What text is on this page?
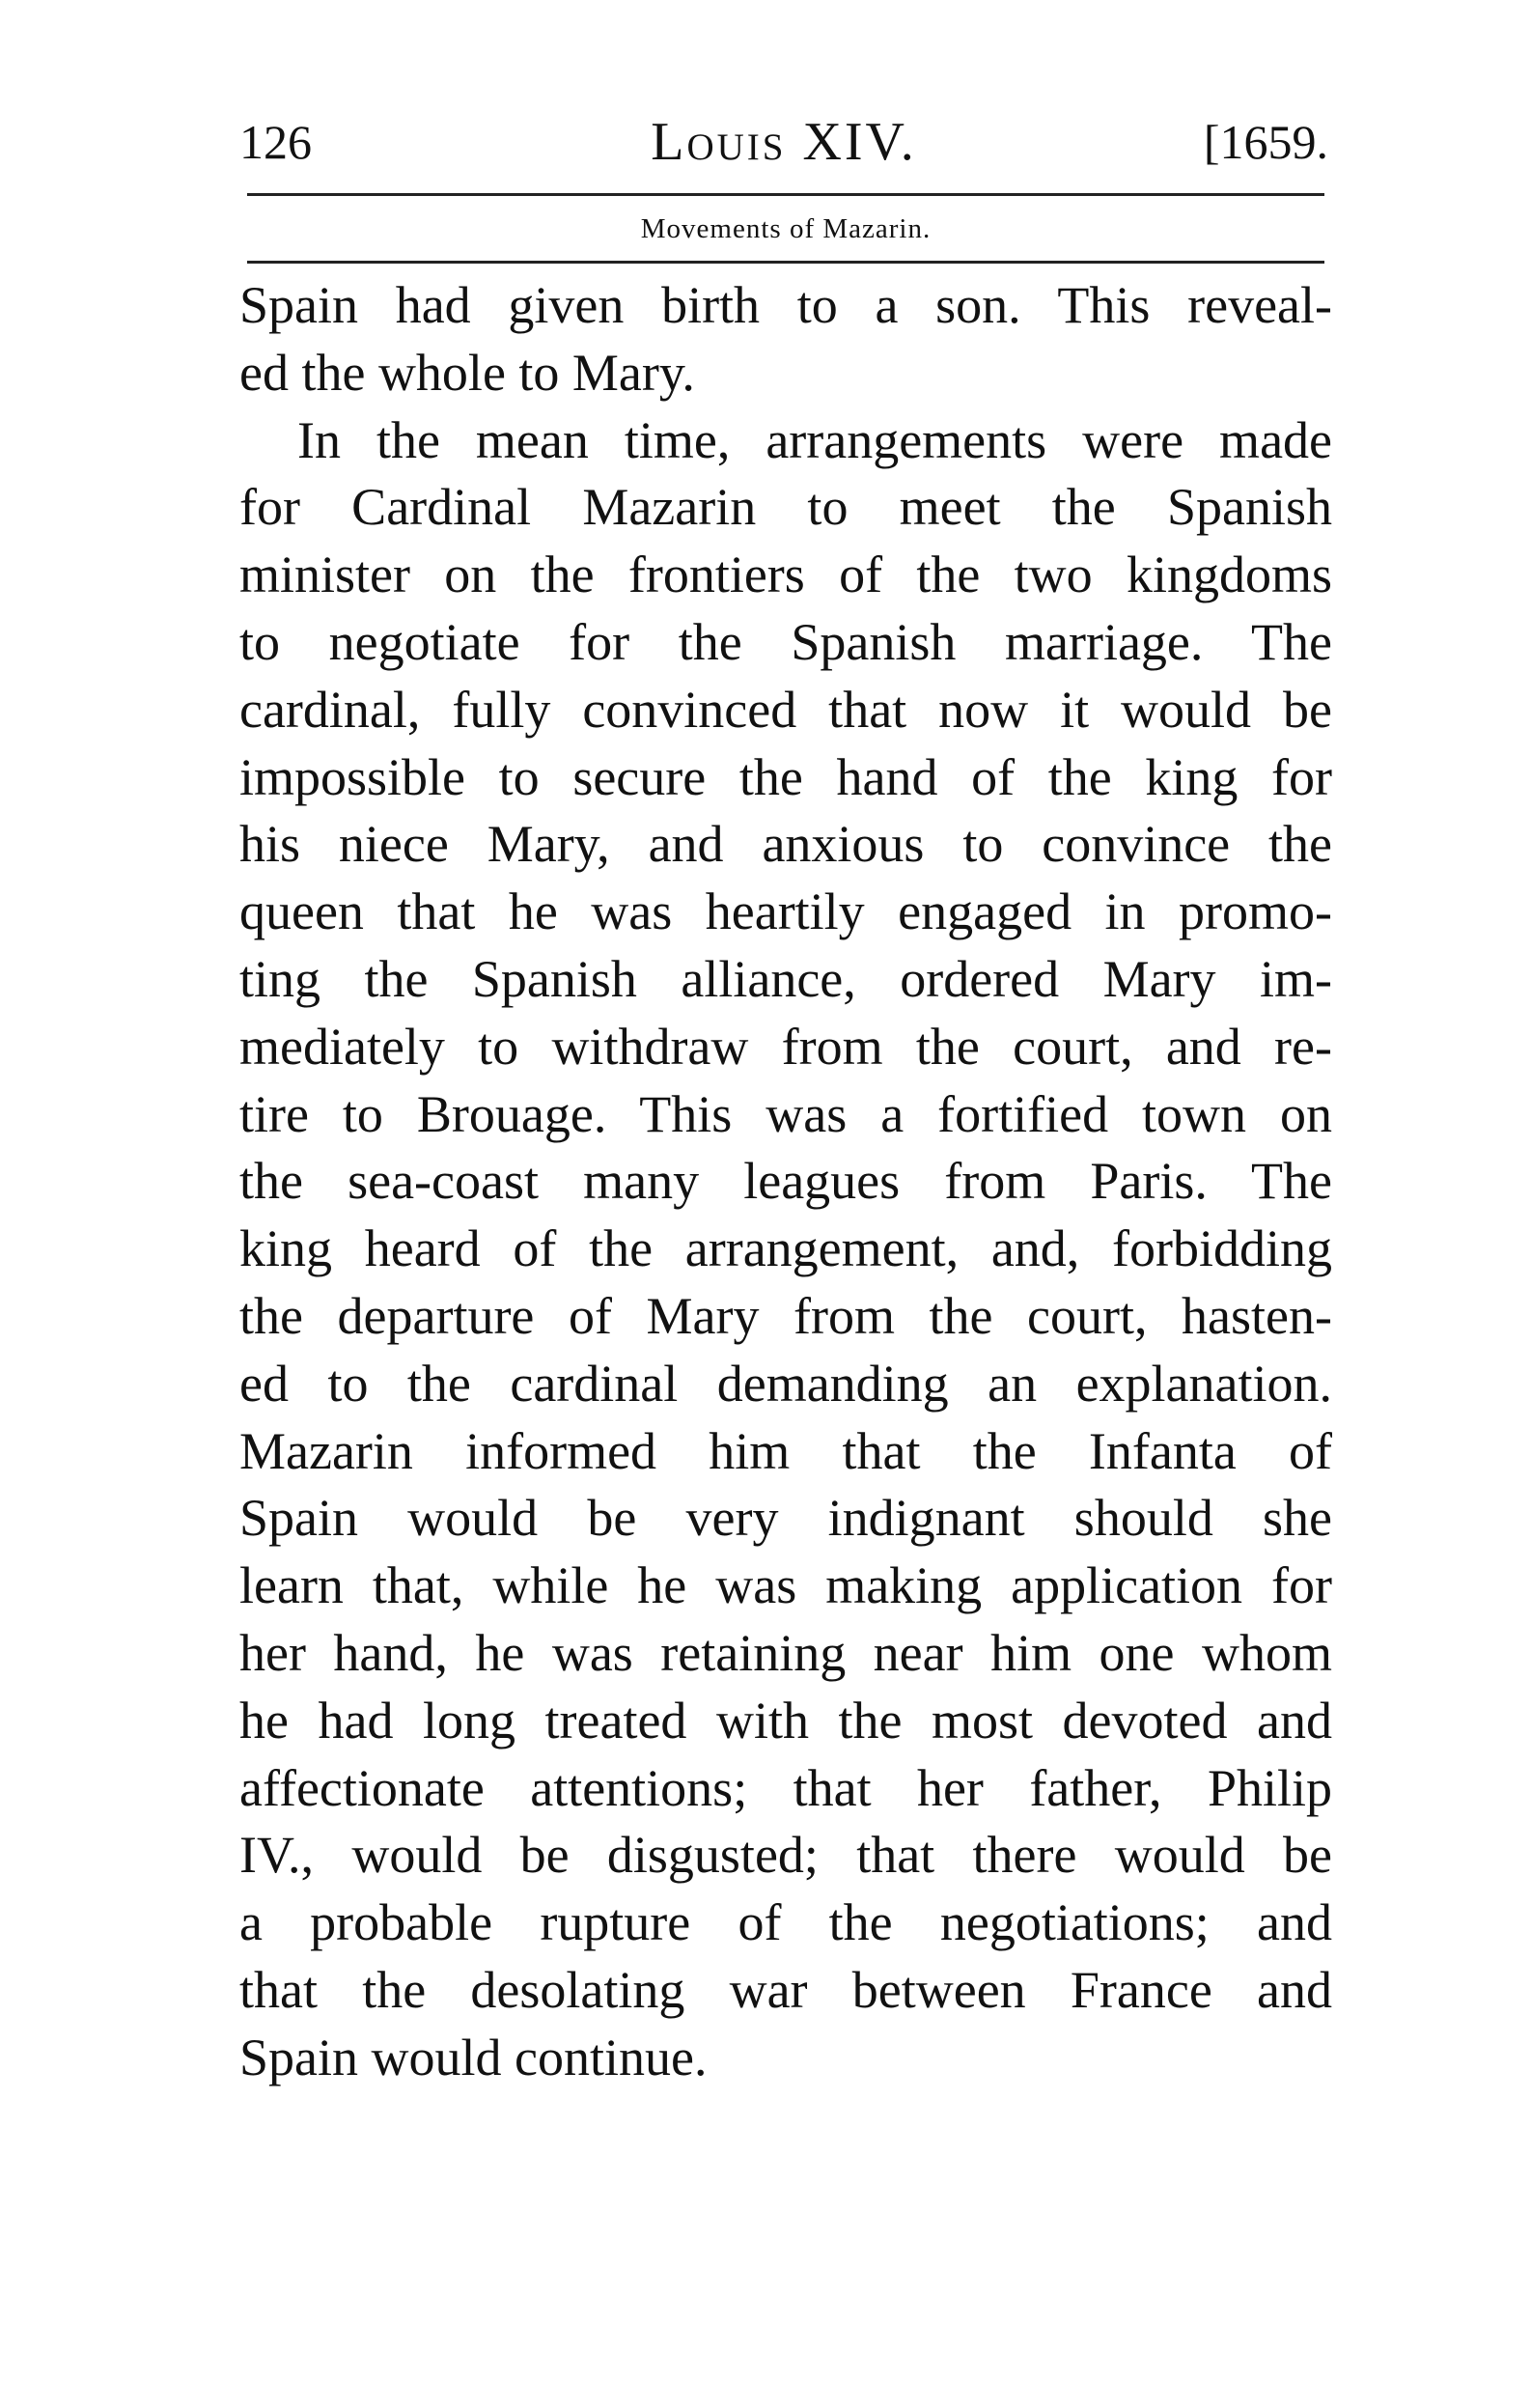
126	Louis XIV.	[1659.
Movements of Mazarin.
Spain had given birth to a son. This reveal-
ed the whole to Mary.
In the mean time, arrangements were made
for Cardinal Mazarin to meet the Spanish
minister on the frontiers of the two kingdoms
to negotiate for the Spanish marriage. The
cardinal, fully convinced that now it would be
impossible to secure the hand of the king for
his niece Mary, and anxious to convince the
queen that he was heartily engaged in promo-
ting the Spanish alliance, ordered Mary im-
mediately to withdraw from the court, and re-
tire to Brouage. This was a fortified town on
the sea-coast many leagues from Paris. The
king heard of the arrangement, and, forbidding
the departure of Mary from the court, hasten-
ed to the cardinal demanding an explanation.
Mazarin informed him that the Infanta of
Spain would be very indignant should she
learn that, while he was making application for
her hand, he was retaining near him one whom
he had long treated with the most devoted and
affectionate attentions; that her father, Philip
IV., would be disgusted; that there would be
a probable rupture of the negotiations; and
that the desolating war between France and
Spain would continue.
